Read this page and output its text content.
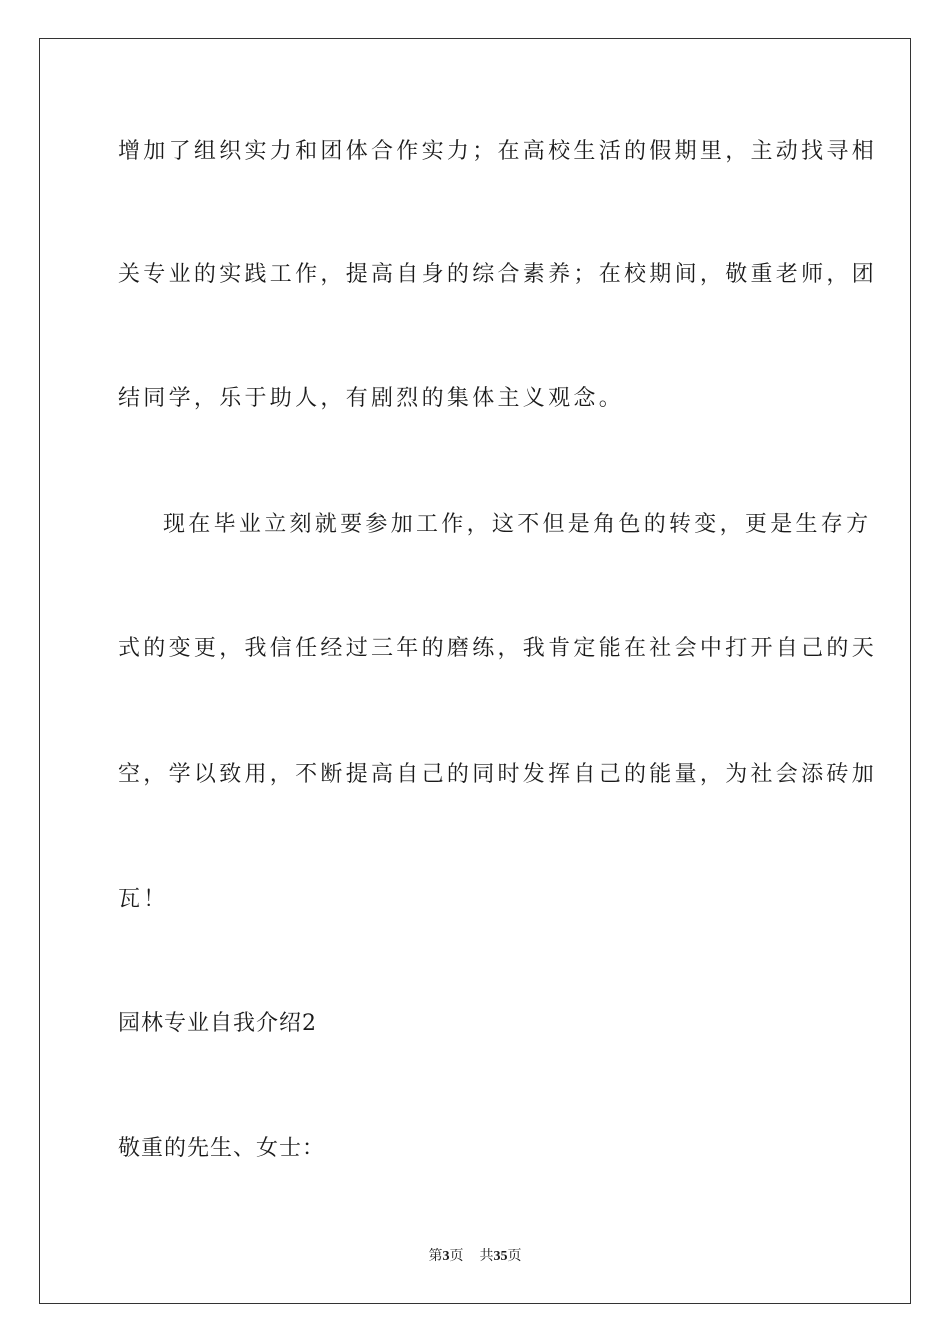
增加了组织实力和团体合作实力；在高校生活的假期里，主动找寻相
关专业的实践工作，提高自身的综合素养；在校期间，敬重老师，团
结同学，乐于助人，有剧烈的集体主义观念。
现在毕业立刻就要参加工作，这不但是角色的转变，更是生存方
式的变更，我信任经过三年的磨练，我肯定能在社会中打开自己的天
空，学以致用，不断提高自己的同时发挥自己的能量，为社会添砖加
瓦！
园林专业自我介绍2
敬重的先生、女士：
第3页 共35页
